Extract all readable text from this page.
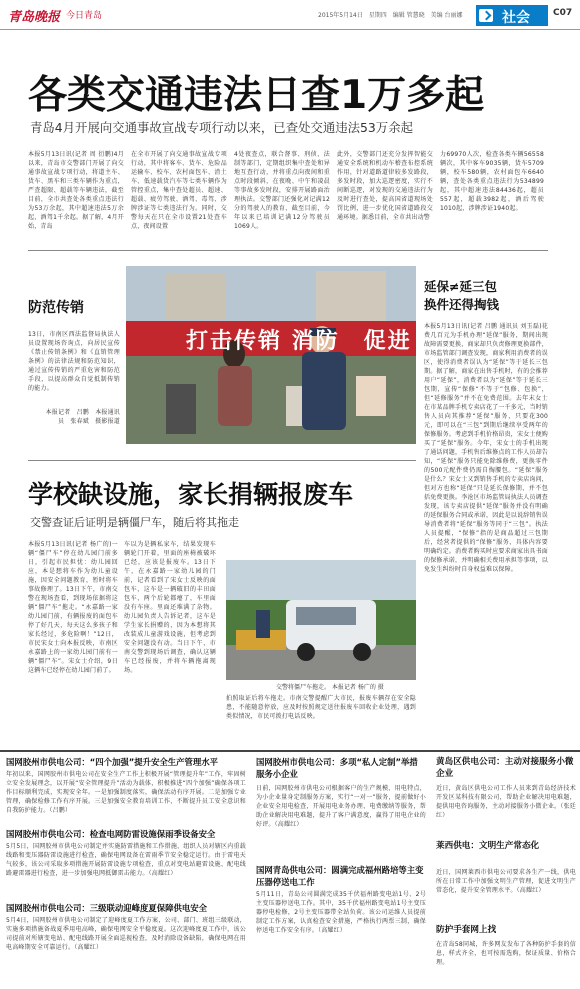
青岛晚报 今日青岛	2015年5月14日　星期四　编辑 管慧晓　美编 台丽娜	社会	C07
各类交通违法日查1万多起
青岛4月开展向交通事故宣战专项行动以来，已查处交通违法53万余起
本报5月13日讯(记者 周 衍鹏)4月以来，青岛市交警部门开展了向交通事故宣战专项行动，将道主车、货车、黑车和三类车辆作为重点，严查超限、超载等车辆违法，截至目前，全市共查处各类重点违法行为53万余起，其中超速违法5万余起，酒驾1千余起。据了解，4月开始，青岛
在全市开展了向交通事故宣战专项行动，其中将客车、货车、危险品运输车、校车、农村面包车、渣土车、低速载货汽车等七类车辆作为管控重点，集中查处超员、超速、超载、疲劳驾驶、酒驾、毒驾、涉牌涉证等七类违法行为。同时，交警每天在只在全市设置21处查车点，夜间设置
4处夜查点，联合督事、刑侦、法制等部门，定期组织集中查处和异地互查行动，并将重点向夜间和重点时段倾斜，在夜晚、中午和凌晨等事故多发时段，安排开展路面治理执法。交警部门还强化对记满12分的驾驶人的教育，截至目前，今年以来已培训记满12分驾驶员1069人。
此外，交警部门还充分发挥智能交通安全系统和机动车稽查布控系统作用，针对道路道律较多发路段，多发时段，加大巡逻密度，实行不间断巡逻，对发现的交通违法行为及时进行查处，提高国省道现场处罚比例，进一步优化国省道路段交通环境。据悉目前，全市共出动警
力69970人次，检查各类车辆56558辆次，其中客车9035辆，货车5709辆，校车580辆，农村面包车6640辆，查处各类重点违法行为534899起，其中超速违法84436起，超员557起，超载3982起，酒后驾驶1010起，涉牌涉证1940起。
防范传销
13日，市南区西法监督局执法人员设置现场咨询点，向居民宣传《禁止传销条例》和《直销管理条例》的法律法规和防范知识，通过宣传传销的严重危害和防范手段，以提高群众自觉抵制传销的能力。
本报记者　吕鹏　本报通讯员　张春斌　摄影报道
打击传销 消防　促进
延保≠延三包
换件还得掏钱
本报5月13日讯(记者 吕鹏 通讯员 刘玉磊)花费几百元为手机办理“延保”服务，期间出现故障需要更换，商家却只负责修理更换部件，市场监管部门调查发现，商家利用消费者的误区，使得消费者误认为“延保”等于延长三包期。据了解，商家在出售手机时，有的会推荐用户“延保”，消费者以为“延保”等于延长三包期，宣传“保修“不等于”包修、包换”，但“延修服务”并不在免费范围。去年末女士在市某品牌手机专卖店花了一千多元，当时销售人员向其推荐“延保”服务，只要花300元，即可以在“三包”到期后继续享受两年的保修服务。考虑到手机价格昂贵，宋女士便购买了“延保”服务。今年，宋女士的手机出现了通话问题，手机售后维修点的工作人员却告知，“延保”服务只能免除维修费，更换零件的500元配件费仍需自掏腰包。“延保”服务是什么？宋女士又到销售手机的专卖店询问，但对方也称“延保”只是延长保修期，并不包括免费更换。李沧区市场监管局执法人员调查发现，该专卖店提供“延保”服务并没有明确的延保服务合同或承诺，因此是以说辞销售误导消费者将“延保”服务等同于“三包”。执法人员提醒，“保修”指的是商品超过三包期后，经营者提供的“保修”服务，具体内容要明确约定。消费者购买时应要求商家出具书面的保修承诺，并明确相关费用承担等事项，以免发生纠纷时自身权益难以保障。
学校缺设施，家长捐辆报废车
交警查证后证明是辆僵尸车，随后将其拖走
本报5月13日讯(记者 杨广的)一辆“僵尸车”停在幼儿园门前多日，引起市民担忧：幼儿园回应，本是想将车作为幼儿童设施，因安全问题教育，暂时将车事故修理了。13日下午，市南交警在现场查看，到现场依据将这辆“僵尸车”拖走。“永嘉路一家幼儿园门前，有辆报废的面包车停了好几天，每天这么多孩子和家长经过，多危险啊！”12日，市民宋女士向本报反映，市南区永嘉路上的一家幼儿园门前有一辆“僵尸车”。宋女士介绍，9日这辆车已经停在幼儿园门前了。
车以为是辆私家车，结果发现车辆轮门开着，里面的座椅被破坏已经，应该是报废车。13日下午，在永嘉路一家幼儿园的门前，记者看到了宋女士反映的面包车，这车是一辆破旧的丰田面包车，两个后轮都瘪了，车里面没有车座。里面还堆满了杂物。幼儿园负责人告诉记者，这车是学生家长捐赠的，因为本想将其改装成儿童游戏设施，但考虑到安全问题没有动。当日下午，市南交警到现场后调查，确认这辆车已经报废，并将车辆拖离现场。
交警将僵尸车拖走。 本报记者 杨广的 摄
拍照取证后将车拖走。市南交警提醒广大市民，报废车辆存在安全隐患，不能随意停放，应及时按照规定送往报废车回收企业处理，遇到类似情况，市民可拨打电话反映。
国网胶州市供电公司：“四个加强”提升安全生产管理水平
年初以来，国网胶州市供电公司在安全生产工作上积极开展“管理提升年”工作，牢固树立安全发展理念，以开展“安全管理提升”活动为载体，积极推进“四个加强”确保各项工作目标顺利完成，实现安全年。一是加强制度落实，确保活动有序开展。二是加强专业管理，确保检修工作有序开展。三是加强安全教育培训工作，不断提升员工安全意识和自我防护能力。（吕鹏）
国网胶州市供电公司：检查电网防雷设施保雨季设备安全
5月5日，国网胶州市供电公司制定并实施防雷措施和工作措施，组织人员对辖区内重载线路和变压器防雷设施进行检查，确保电网设备在雷雨季节安全稳定运行。由于雷电天气较多，该公司采取多项措施开展防雷设施专项检查，重点对变电站避雷设施、配电线路避雷器进行检查，进一步加强电网抵御雷击能力。（高耀红）
国网胶州市供电公司：三级联动迎峰度夏保障供电安全
5月4日，国网胶州市供电公司制定了迎峰度夏工作方案，公司、部门、班组三级联动，实施多项措施备战夏季用电高峰，确保电网安全平稳度夏。这次迎峰度夏工作中，该公司提前对所辖变电站、配电线路开展全面巡视检查，及时消除设备缺陷，确保电网在用电高峰期安全可靠运行。（高耀红）
国网胶州市供电公司：多项“私人定制”举措服务小企业
日前，国网胶州市供电公司根据客户的生产规模、用电特点，为小企业量身定制服务方案，实行“一对一”服务，提前做好小企业安全用电检查，开展用电业务办理、电费缴纳等服务，帮助企业解决用电难题，提升了客户满意度，赢得了用电企业的好评。（高耀红）
国网青岛供电公司：圆满完成福州路培等主变压器停送电工作
5月11日，青岛公司圆满完成35千伏福州路变电站1号、2号主变压器停送电工作。其中，35千伏福州路变电站1号主变压器停电检修，2号主变压器带全站负荷。该公司运维人员提前制定工作方案，认真检查安全措施，严格执行两票三制，确保停送电工作安全有序。（高耀红）
黄岛区供电公司：主动对接服务小微企业
近日，黄岛区供电公司工作人员来到青岛经济技术开发区某科技有限公司，帮助企业解决用电难题，提供用电咨询服务，主动对接服务小微企业。（张廷红）
莱西供电：文明生产常态化
近日，国网莱西市供电公司要求各生产一线，供电所在日常工作中加强文明生产管理，促进文明生产常态化，提升安全管理水平。（高耀红）
防护手套网上找
在青岛58同城，许多网友发布了各种防护手套的信息，样式齐全，也可按需选购，保证质量、价格合理。
